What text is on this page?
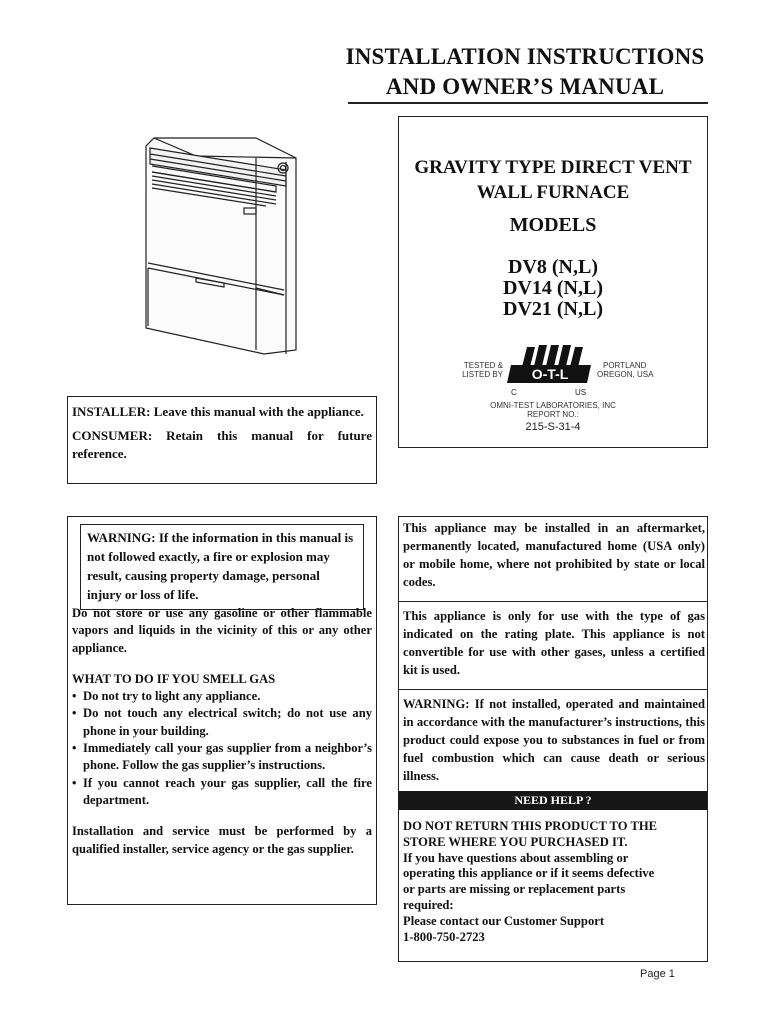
INSTALLATION INSTRUCTIONS
AND OWNER’S MANUAL
GRAVITY TYPE DIRECT VENT
WALL FURNACE
MODELS
DV8 (N,L)
DV14 (N,L)
DV21 (N,L)
TESTED &
LISTED BY O-T-L
C	US
PORTLAND
OREGON, USA
OMNI-TEST LABORATORIES, INC
REPORT NO.:
215-S-31-4

INSTALLER: Leave this manual with the appliance.

CONSUMER: Retain this manual for future reference.

WARNING: If the information in this manual is not followed exactly, a fire or explosion may result, causing property damage, personal injury or loss of life.

Do not store or use any gasoline or other flammable vapors and liquids in the vicinity of this or any other appliance.

WHAT TO DO IF YOU SMELL GAS

• Do not try to light any appliance.
• Do not touch any electrical switch; do not use any phone in your building.
• Immediately call your gas supplier from a neighbor’s phone. Follow the gas supplier’s instructions.
• If you cannot reach your gas supplier, call the fire department.

Installation and service must be performed by a qualified installer, service agency or the gas supplier.

This appliance may be installed in an aftermarket, permanently located, manufactured home (USA only) or mobile home, where not prohibited by state or local codes.

This appliance is only for use with the type of gas indicated on the rating plate. This appliance is not convertible for use with other gases, unless a certified kit is used.

WARNING: If not installed, operated and maintained in accordance with the manufacturer’s instructions, this product could expose you to substances in fuel or from fuel combustion which can cause death or serious illness.

NEED HELP ?
DO NOT RETURN THIS PRODUCT TO THE
STORE WHERE YOU PURCHASED IT.
If you have questions about assembling or
operating this appliance or if it seems defective
or parts are missing or replacement parts
required:
Please contact our Customer Support
1-800-750-2723
Page 1
